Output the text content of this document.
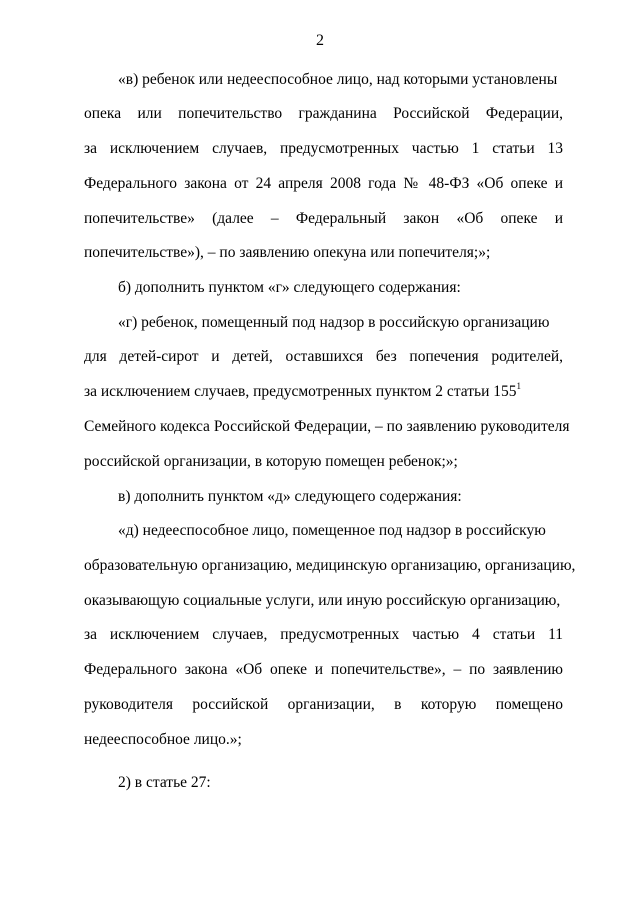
2
«в) ребенок или недееспособное лицо, над которыми установлены
опека или попечительство гражданина Российской Федерации,
за исключением случаев, предусмотренных частью 1 статьи 13
Федерального закона от 24 апреля 2008 года № 48-ФЗ «Об опеке и
попечительстве» (далее – Федеральный закон «Об опеке и
попечительстве»), – по заявлению опекуна или попечителя;»;
б) дополнить пунктом «г» следующего содержания:
«г) ребенок, помещенный под надзор в российскую организацию
для детей-сирот и детей, оставшихся без попечения родителей,
за исключением случаев, предусмотренных пунктом 2 статьи $155^1$
Семейного кодекса Российской Федерации, – по заявлению руководителя
российской организации, в которую помещен ребенок;»;
в) дополнить пунктом «д» следующего содержания:
«д) недееспособное лицо, помещенное под надзор в российскую
образовательную организацию, медицинскую организацию, организацию,
оказывающую социальные услуги, или иную российскую организацию,
за исключением случаев, предусмотренных частью 4 статьи 11
Федерального закона «Об опеке и попечительстве», – по заявлению
руководителя российской организации, в которую помещено
недееспособное лицо.»;
2) в статье 27:
